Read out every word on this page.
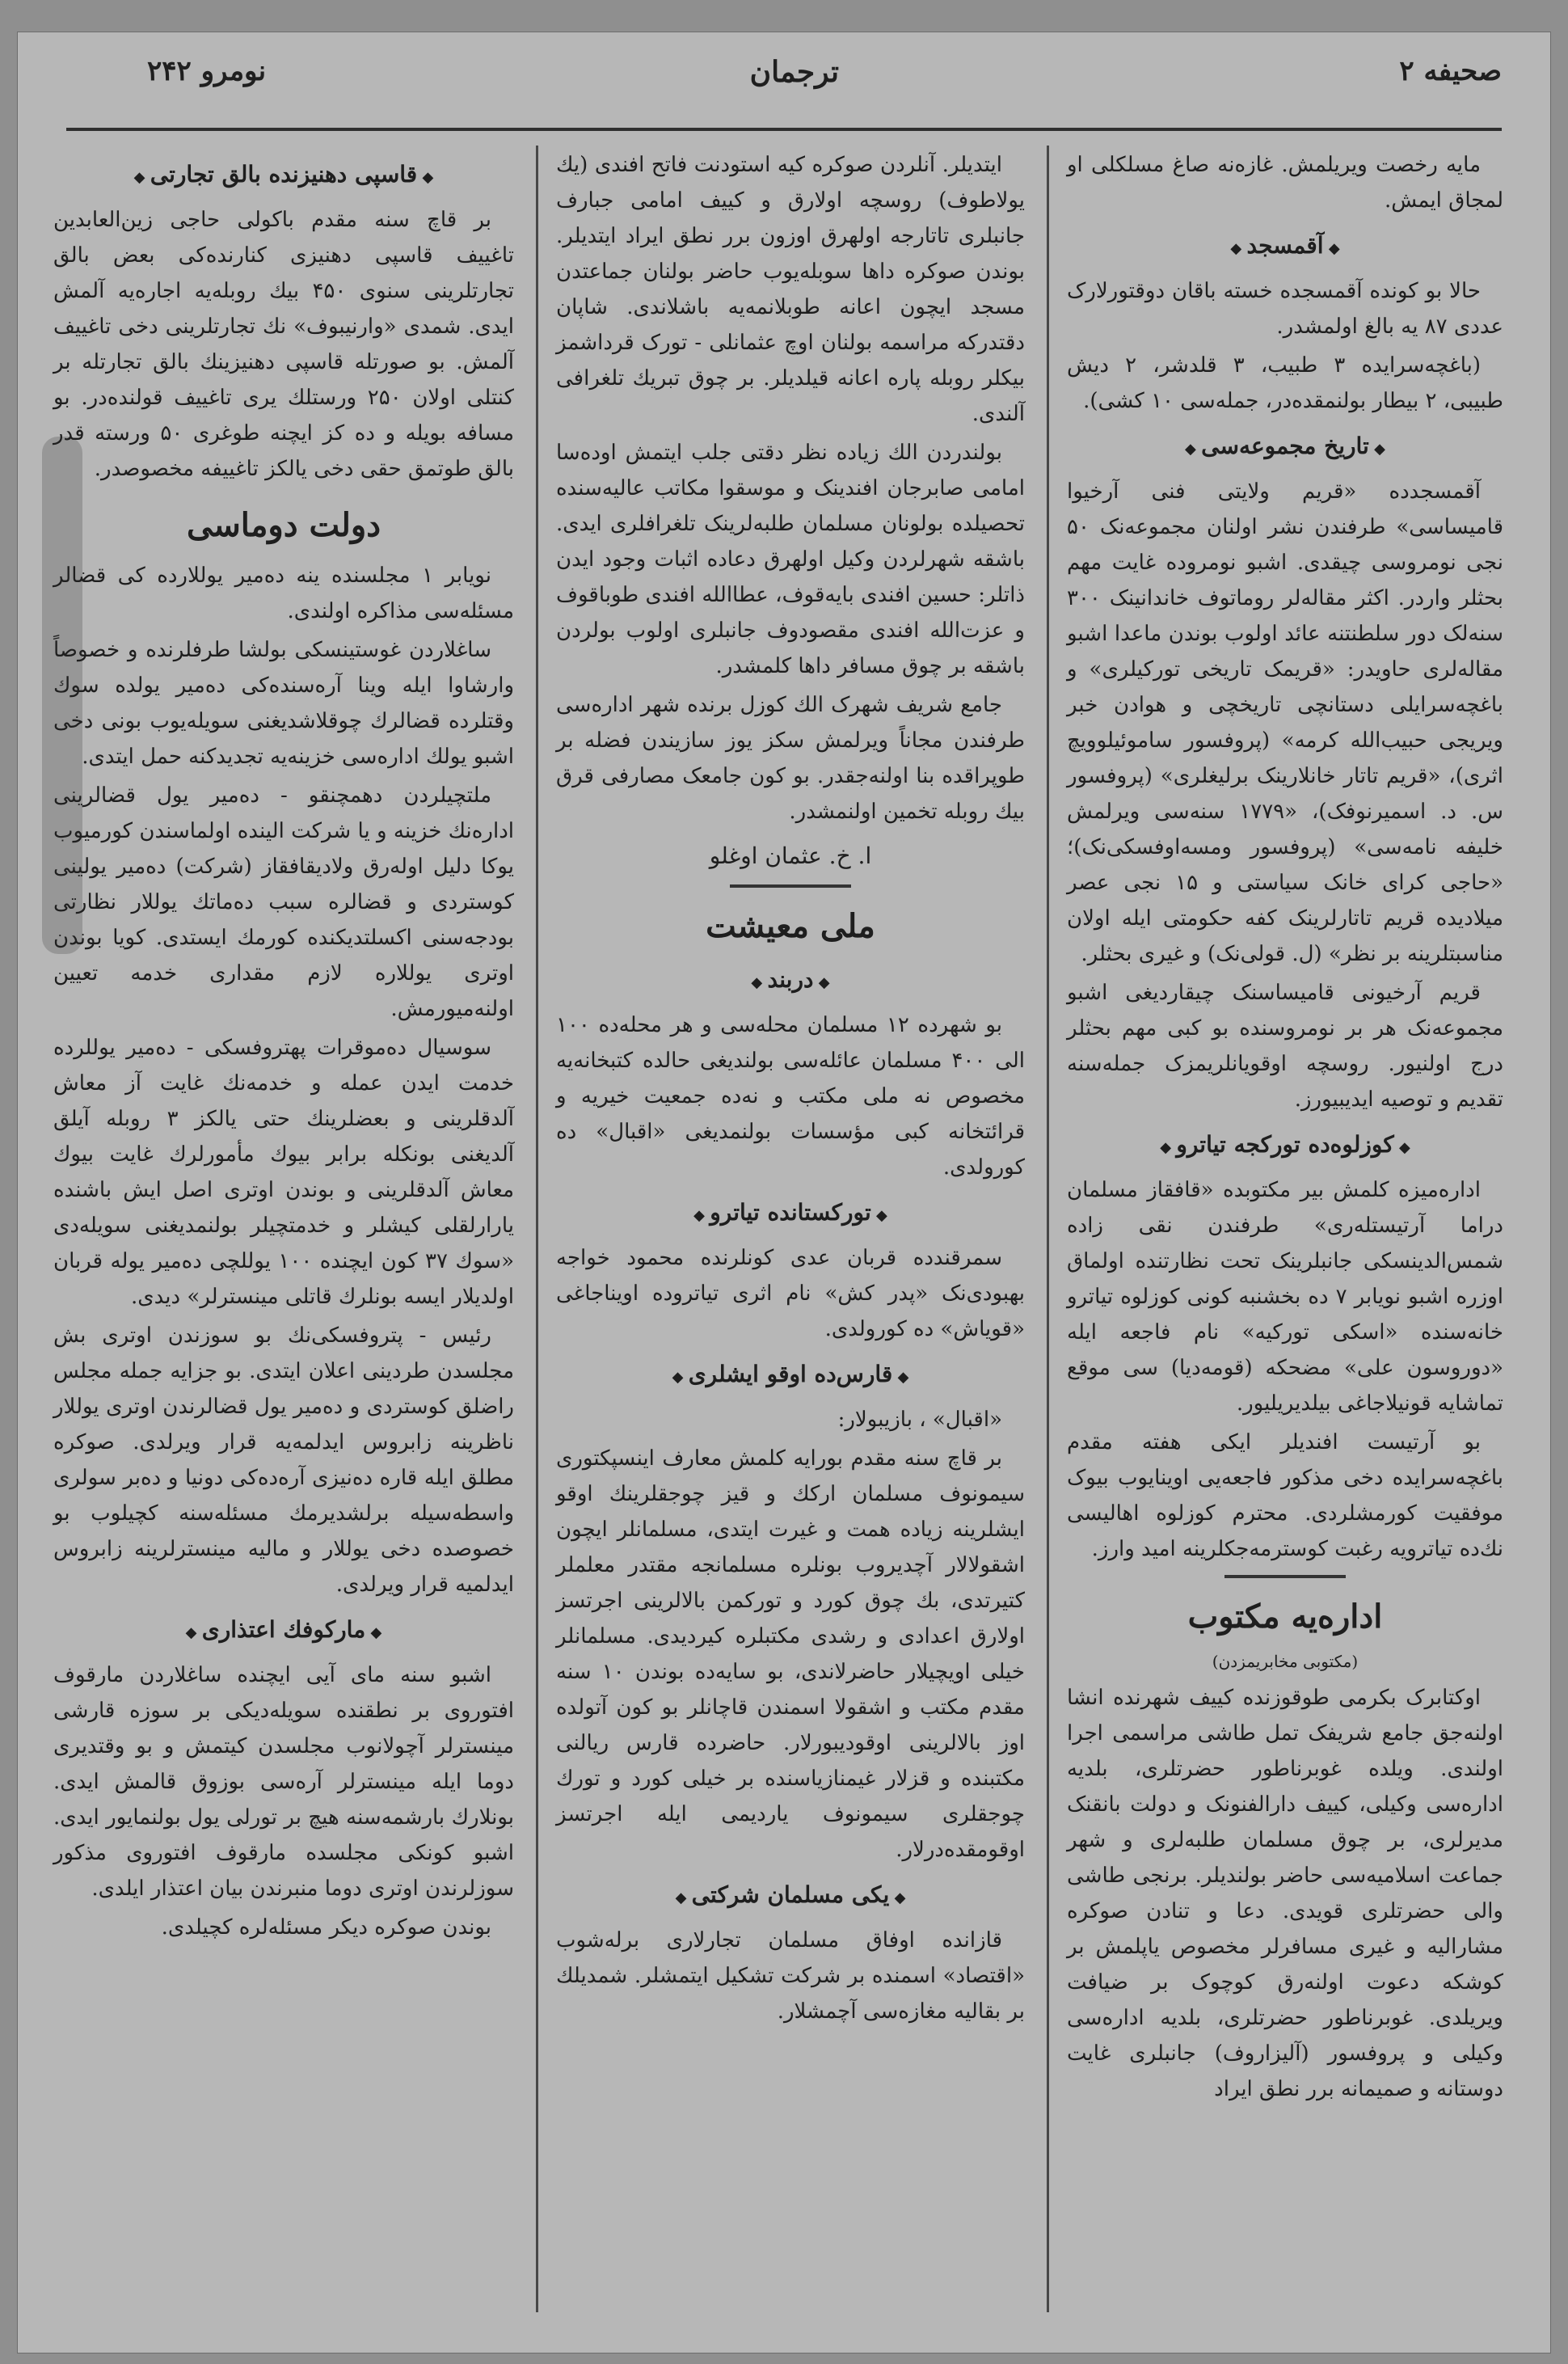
صحیفه ۲
ترجمان
نومرو ۲۴۲
مایه رخصت ویریلمش. غازه‌نه صاغ مسلکلی او لمجاق ایمش.
◆ آقمسجد ◆
حالا بو کونده آقمسجده خسته باقان دوقتورلارک عددی ۸۷ یه بالغ اولمشدر.
(باغچه‌سرایده ۳ طبیب، ۳ قلدشر، ۲ دیش طبیبی، ۲ بیطار بولنمقده‌در، جمله‌سی ۱۰ کشی).
◆ تاریخ مجموعه‌سی ◆
آقمسجدده «قریم ولایتی فنی آرخیوا قامیساسی» طرفندن نشر اولنان مجموعه‌نک ۵۰ نجی نومروسی چیقدی. اشبو نومروده غایت مهم بحثلر واردر. اکثر مقاله‌لر روماتوف خاندانینک ۳۰۰ سنه‌لک دور سلطنتنه عائد اولوب بوندن ماعدا اشبو مقاله‌لری حاویدر: «قریمک تاریخی تورکیلری» و باغچه‌سرایلی دستانچی تاریخچی و هوادن خبر ویریجی حبیب‌الله کرمه» (پروفسور ساموئیلوویچ اثری)، «قریم تاتار خانلارینک برلیغلری» (پروفسور س. د. اسمیرنوفک)، «۱۷۷۹ سنه‌سی ویرلمش خلیفه نامه‌سی» (پروفسور ومسه‌اوفسکی‌نک)؛ «حاجی کرای خانک سیاستی و ۱۵ نجی عصر میلادیده قریم تاتارلرینک کفه حکومتی ایله اولان مناسبتلرینه بر نظر» (ل. قولی‌نک) و غیری بحثلر.
قریم آرخیونی قامیساسنک چیقاردیغی اشبو مجموعه‌نک هر بر نومروسنده بو کبی مهم بحثلر درج اولنیور. روسچه اوقویانلریمزک جمله‌سنه تقدیم و توصیه ایدیبیورز.
◆ کوزلوه‌ده تورکجه تیاترو ◆
اداره‌میزه کلمش بیر مکتوبده «قافقاز مسلمان دراما آرتیستله‌ری» طرفندن نقی زاده شمس‌الدینسکی جانبلرینک تحت نظارتنده اولماق اوزره اشبو نویابر ۷ ده بخشنبه کونی کوزلوه تیاترو خانه‌سنده «اسکی تورکیه» نام فاجعه ایله «دوروسون علی» مضحکه (قومه‌دیا) سی موقع تماشایه قونیلاجاغی بیلدیریلیور.
بو آرتیست افندیلر ایکی هفته مقدم باغچه‌سرایده دخی مذکور فاجعه‌یی اوینایوب بیوک موفقیت کورمشلردی. محترم کوزلوه اهالیسی نك‌ده تیاترویه رغبت کوسترمه‌جکلرینه امید وارز.
اداره‌یه مکتوب
(مکتوبی مخابریمزدن)
اوکتابرک بکرمی طوقوزنده کییف شهرنده انشا اولنه‌جق جامع شریفک تمل طاشی مراسمی اجرا اولندی. ویلده غوبرناطور حضرتلری، بلدیه اداره‌سی وکیلی، کییف دارالفنونک و دولت بانقنک مدیرلری، بر چوق مسلمان طلبه‌لری و شهر جماعت اسلامیه‌سی حاضر بولندیلر. برنجی طاشی والی حضرتلری قویدی. دعا و تنادن صوکره مشارالیه و غیری مسافرلر مخصوص یاپلمش بر کوشکه دعوت اولنه‌رق کوچوک بر ضیافت ویریلدی. غوبرناطور حضرتلری، بلدیه اداره‌سی وکیلی و پروفسور (آلیزاروف) جانبلری غایت دوستانه و صمیمانه برر نطق ایراد
ایتدیلر. آنلردن صوکره کیه استودنت فاتح افندی (یك یولاطوف) روسچه اولارق و کییف امامی جبارف جانبلری تاتارجه اولهرق اوزون برر نطق ایراد ایتدیلر. بوندن صوکره داها سوبله‌یوب حاضر بولنان جماعتدن مسجد ایچون اعانه طوبلانمه‌یه باشلاندی. شاپان دقتدرکه مراسمه بولنان اوچ عثمانلی - تورک قرداشمز بیکلر روبله پاره اعانه قیلدیلر. بر چوق تبریك تلغرافی آلندی.
بولندردن الك زیاده نظر دقتی جلب ایتمش اوده‌سا امامی صابرجان افندینک و موسقوا مکاتب عالیه‌سنده تحصیلده بولونان مسلمان طلبه‌لرینک تلغرافلری ایدی. باشقه شهرلردن وکیل اولهرق دعاده اثبات وجود ایدن ذاتلر: حسین افندی بایه‌قوف، عطاالله افندی طوباقوف و عزت‌الله افندی مقصودوف جانبلری اولوب بولردن باشقه بر چوق مسافر داها کلمشدر.
جامع شریف شهرک الك کوزل برنده شهر اداره‌سی طرفندن مجاناً ویرلمش سکز یوز سازیندن فضله بر طوپراقده بنا اولنه‌جقدر. بو کون جامعک مصارفی قرق بیك روبله تخمین اولنمشدر.
ا. خ. عثمان اوغلو
ملی معیشت
◆ دربند ◆
بو شهرده ۱۲ مسلمان محله‌سی و هر محله‌ده ۱۰۰ الی ۴۰۰ مسلمان عائله‌سی بولندیغی حالده کتبخانه‌یه مخصوص نه ملی مکتب و نه‌ده جمعیت خیریه و قرائتخانه کبی مؤسسات بولنمدیغی «اقبال» ده کورولدی.
◆ تورکستانده تیاترو ◆
سمرقندده قربان عدی کونلرنده محمود خواجه بهبودی‌نک «پدر کش» نام اثری تیاتروده اویناجاغی «قویاش» ده کورولدی.
◆ قارس‌ده اوقو ایشلری ◆
«اقبال» ، بازیبولار:
بر قاچ سنه مقدم بورایه کلمش معارف اینسپکتوری سیمونوف مسلمان ارکك و قیز چوجقلرینك اوقو ایشلرینه زیاده همت و غیرت ایتدی، مسلمانلر ایچون اشقولالار آچدیروب بونلره مسلمانجه مقتدر معلملر کتیرتدی، بك چوق کورد و تورکمن بالالرینی اجرتسز اولارق اعدادی و رشدی مکتبلره کیردیدی. مسلمانلر خیلی اویچیلار حاضرلاندی، بو سایه‌ده بوندن ۱۰ سنه مقدم مکتب و اشقولا اسمندن قاچانلر بو کون آتولده اوز بالالرینی اوقودیبورلار. حاضرده قارس ریالنی مکتبنده و قزلار غیمنازیاسنده بر خیلی کورد و تورك چوجقلری سیمونوف یاردیمی ایله اجرتسز اوقومقده‌درلار.
◆ یکی مسلمان شرکتی ◆
قازانده اوفاق مسلمان تجارلاری برله‌شوب «اقتصاد» اسمنده بر شرکت تشکیل ایتمشلر. شمدیلك بر بقالیه مغازه‌سی آچمشلار.
◆ قاسپی دهنیزنده بالق تجارتی ◆
بر قاچ سنه مقدم باکولی حاجی زین‌العابدین تاغییف قاسپی دهنیزی کنارنده‌کی بعض بالق تجارتلرینی سنوی ۴۵۰ بیك روبله‌یه اجاره‌یه آلمش ایدی. شمدی «وارنیبوف» نك تجارتلرینی دخی تاغییف آلمش. بو صورتله قاسپی دهنیزینك بالق تجارتله بر کنتلی اولان ۲۵۰ ورستلك یری تاغییف قولنده‌در. بو مسافه بویله و ده کز ایچنه طوغری ۵۰ ورسته قدر بالق طوتمق حقی دخی یالکز تاغییفه مخصوصدر.
دولت دوماسی
نویابر ۱ مجلسنده ینه ده‌میر یوللارده کی قضالر مسئله‌سی مذاکره اولندی.
ساغلاردن غوستینسکی بولشا طرفلرنده و خصوصاً وارشاوا ایله وینا آره‌سنده‌کی ده‌میر یولده سوك وقتلرده قضالرك چوقلاشدیغنی سویله‌یوب بونی دخی اشبو یولك اداره‌سی خزینه‌یه تجدیدکنه حمل ایتدی.
ملتچیلردن دهمچنقو - ده‌میر یول قضالرینی اداره‌نك خزینه و یا شرکت الینده اولماسندن کورمیوب یوکا دلیل اوله‌رق ولادیقافقاز (شرکت) ده‌میر یولینی کوستردی و قضالره سبب ده‌ماتك یوللار نظارتی بودجه‌سنی اکسلتدیکنده کورمك ایستدی. کویا بوندن اوتری یوللاره لازم مقداری خدمه تعیین اولنه‌میورمش.
سوسیال ده‌موقرات پهتروفسکی - ده‌میر یوللرده خدمت ایدن عمله و خدمه‌نك غایت آز معاش آلدقلرینی و بعضلرینك حتی یالکز ۳ روبله آیلق آلدیغنی بونکله برابر بیوك مأمورلرك غایت بیوك معاش آلدقلرینی و بوندن اوتری اصل ایش باشنده یارارلقلی کیشلر و خدمتچیلر بولنمدیغنی سویله‌دی «سوك ۳۷ کون ایچنده ۱۰۰ یوللچی ده‌میر یوله قربان اولدیلار ایسه بونلرك قاتلی مینسترلر» دیدی.
رئیس - پتروفسکی‌نك بو سوزندن اوتری بش مجلسدن طردینی اعلان ایتدی. بو جزایه جمله مجلس راضلق کوستردی و ده‌میر یول قضالرندن اوتری یوللار ناظرینه زابروس ایدلمه‌یه قرار ویرلدی. صوکره مطلق ایله قاره ده‌نیزی آره‌ده‌کی دونیا و ده‌بر سولری واسطه‌سیله برلشدیرمك مسئله‌سنه کچیلوب بو خصوصده دخی یوللار و مالیه مینسترلرینه زابروس ایدلمیه قرار ویرلدی.
◆ مارکوفك اعتذاری ◆
اشبو سنه مای آیی ایچنده ساغلاردن مارقوف افتوروی بر نطقنده سویله‌دیکی بر سوزه قارشی مینسترلر آچولانوب مجلسدن کیتمش و بو وقتدیری دوما ایله مینسترلر آره‌سی بوزوق قالمش ایدی. بونلارك بارشمه‌سنه هیچ بر تورلی یول بولنمایور ایدی. اشبو کونکی مجلسده مارقوف افتوروی مذکور سوزلرندن اوتری دوما منبرندن بیان اعتذار ایلدی.
بوندن صوکره دیکر مسئله‌لره کچیلدی.
